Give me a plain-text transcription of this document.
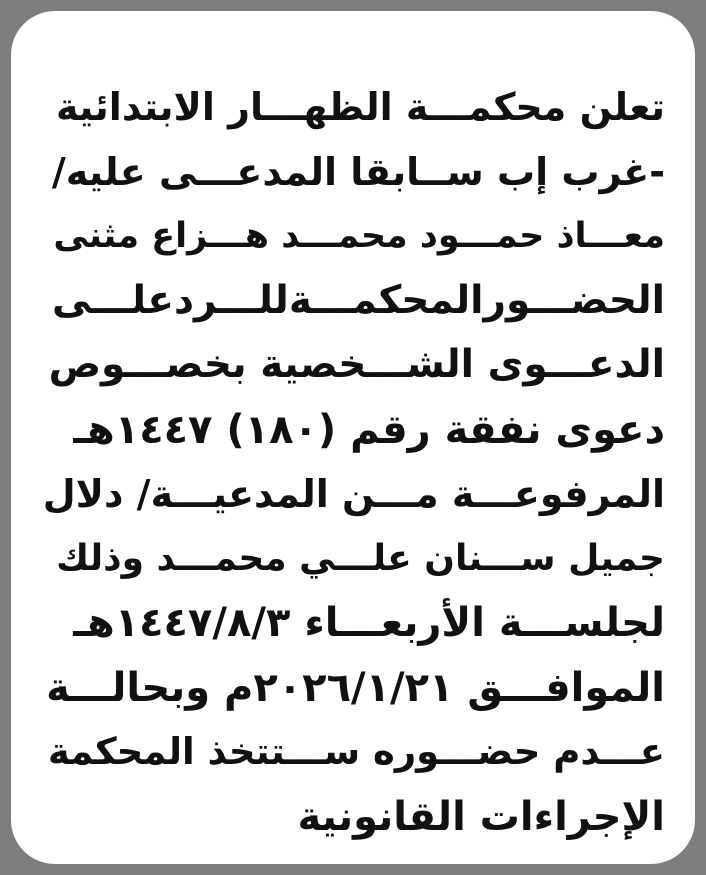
تعلن محكمـــة الظهـــار الابتدائية
-غرب إب ســابقا المدعـــى عليه/
معـــاذ حمـــود محمـــد هـــزاع مثنى
الحضـــورالمحكمـــةللـــردعلـــى
الدعـــوى الشـــخصية بخصـــوص
دعوى نفقة رقم (١٨٠) ١٤٤٧هـ
المرفوعـــة مـــن المدعيـــة/ دلال
جميل ســـنان علـــي محمـــد وذلك
لجلســـة الأربعـــاء ١٤٤٧/٨/٣هـ
الموافـــق ٢٠٢٦/١/٢١م وبحالـــة
عـــدم حضـــوره ســـتتخذ المحكمة
الإجراءات القانونية
